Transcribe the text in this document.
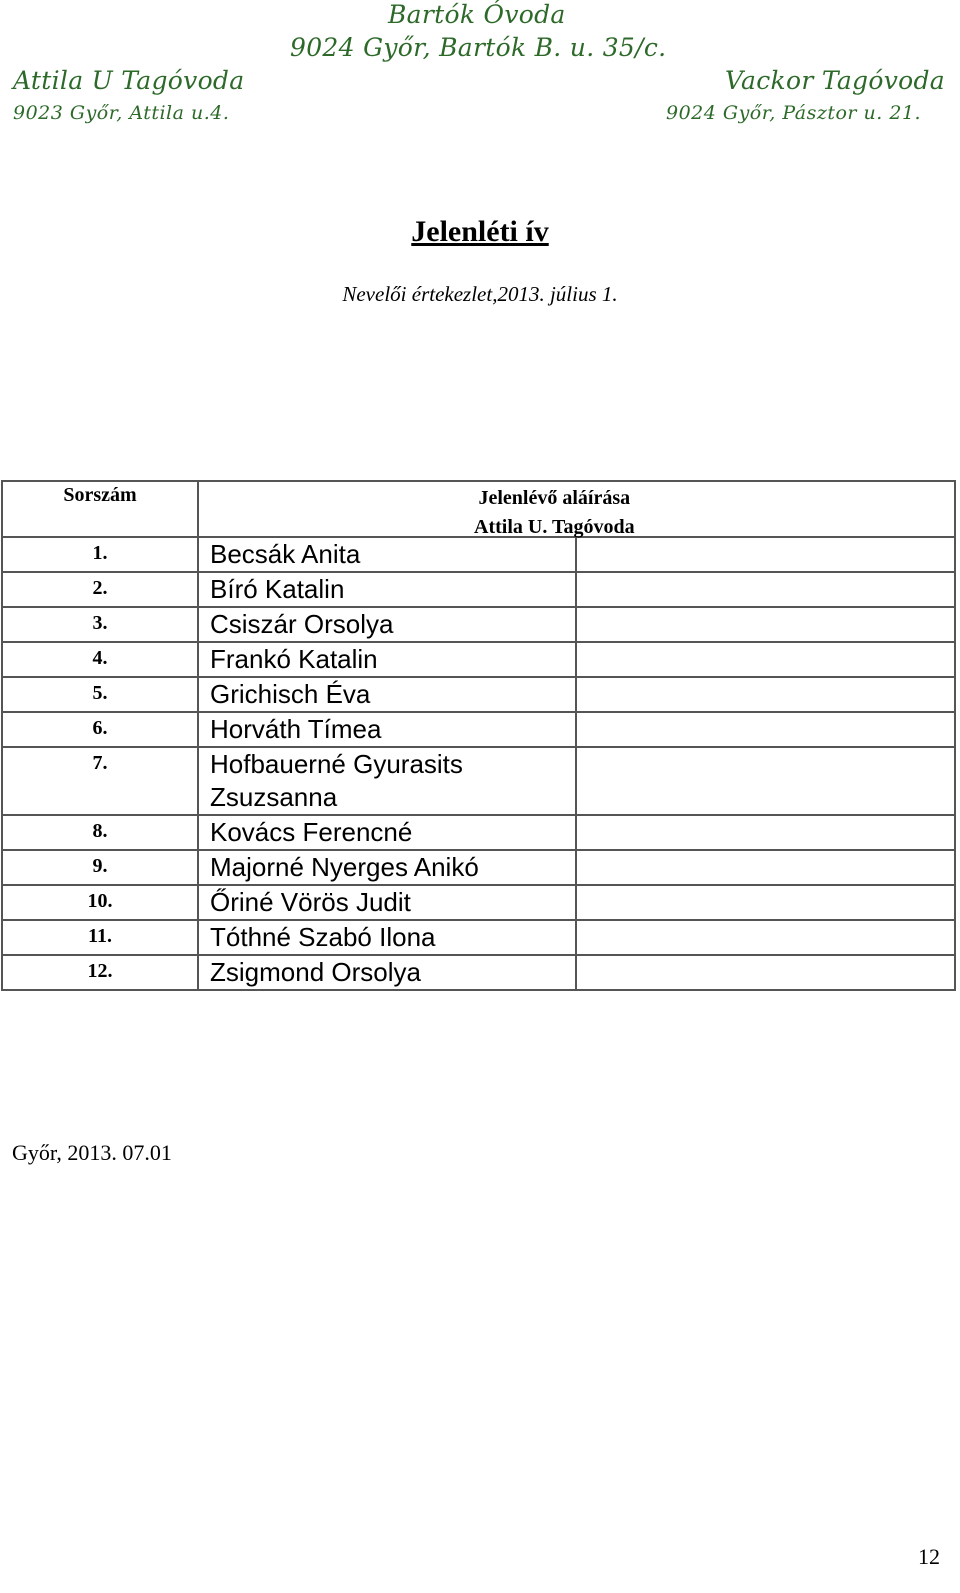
Bartók Óvoda
9024 Győr, Bartók B. u. 35/c.
Attila U Tagóvoda
9023 Győr, Attila u.4.
Vackor Tagóvoda
9024 Győr, Pásztor u. 21.
Jelenléti ív
Nevelői értekezlet,2013. július 1.
Sorszám	Jelenlévő aláírása
Attila U. Tagóvoda	

1.	Becsák Anita	
2.	Bíró Katalin	
3.	Csiszár Orsolya	
4.	Frankó Katalin	
5.	Grichisch Éva	
6.	Horváth Tímea	
7.	Hofbauerné Gyurasits
Zsuzsanna	

8.	Kovács Ferencné	
9.	Majorné Nyerges Anikó	
10.	Őriné Vörös Judit	
11.	Tóthné Szabó Ilona	
12.	Zsigmond Orsolya	
Győr, 2013. 07.01
12
